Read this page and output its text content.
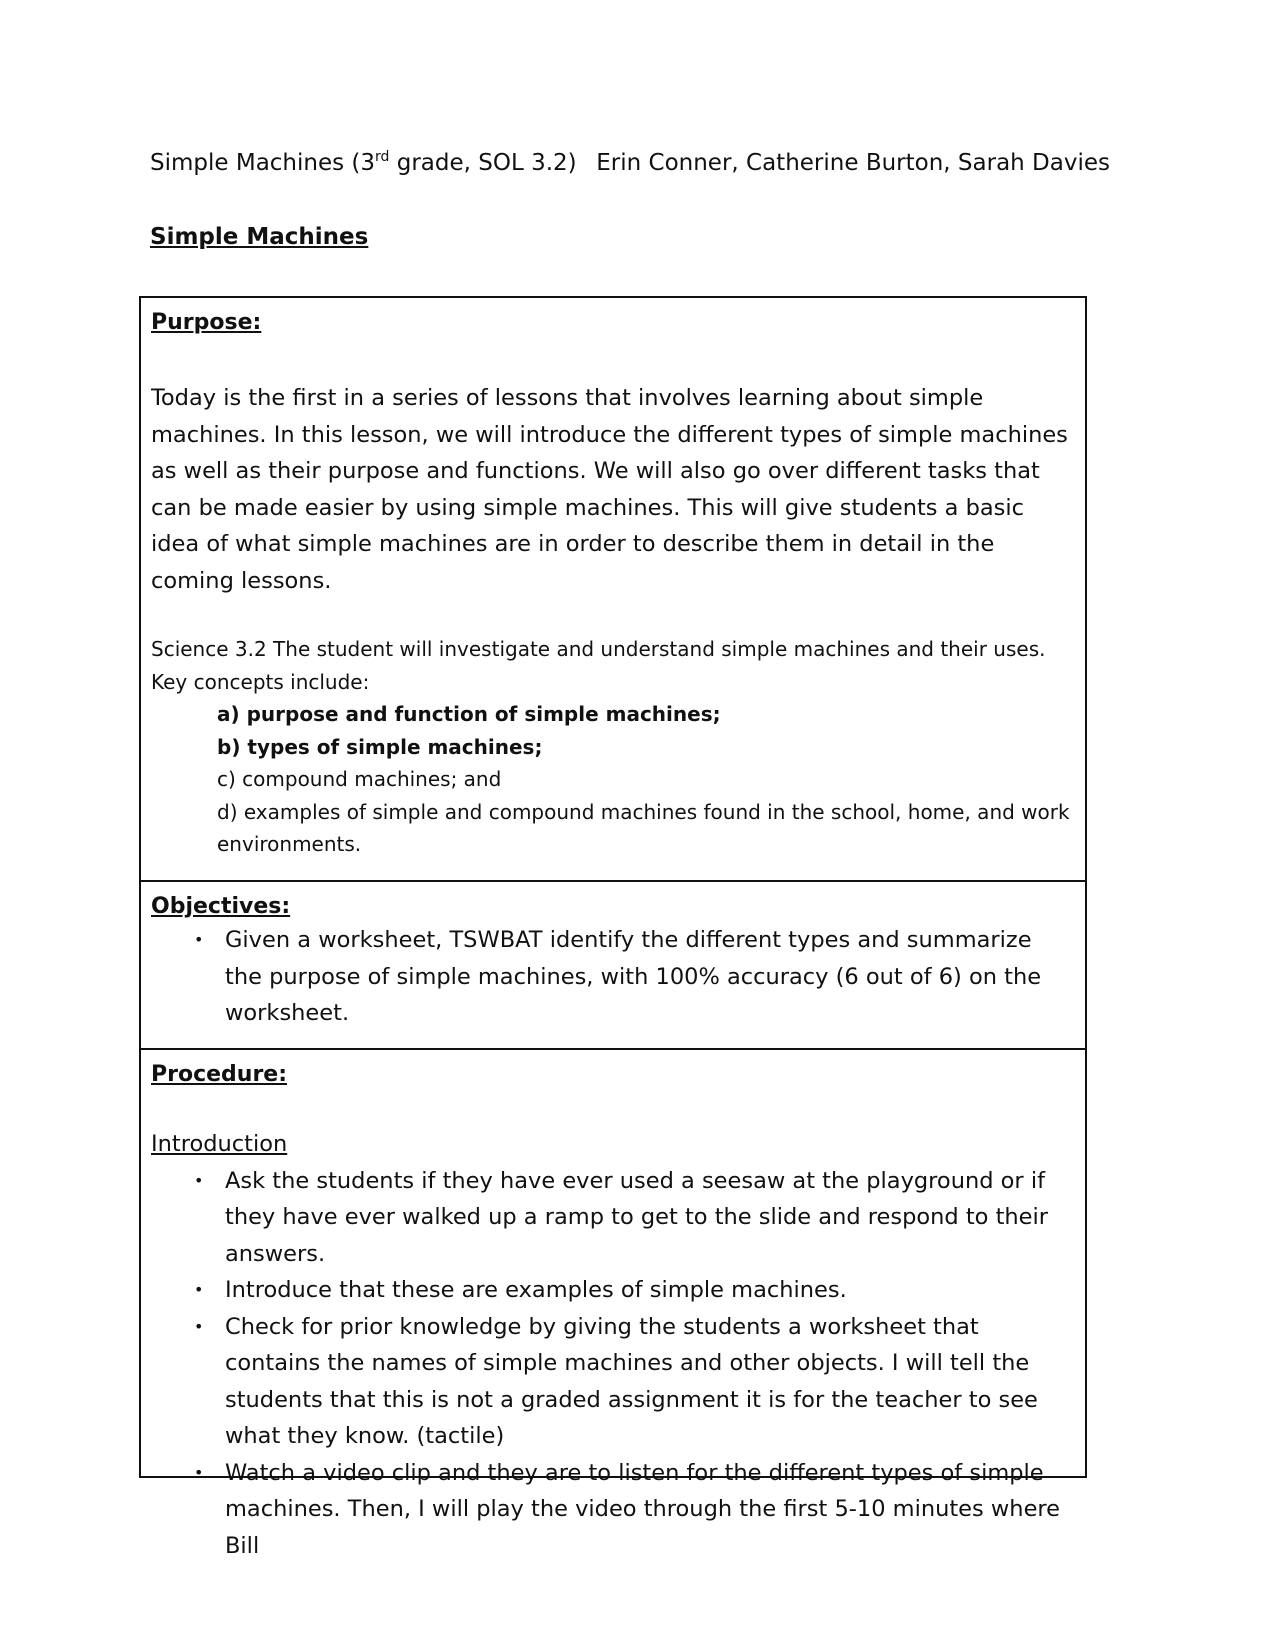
Simple Machines (3rd grade, SOL 3.2) Erin Conner, Catherine Burton, Sarah Davies
Simple Machines

Purpose:

Today is the first in a series of lessons that involves learning about simple machines. In this lesson, we will introduce the different types of simple machines as well as their purpose and functions. We will also go over different tasks that can be made easier by using simple machines. This will give students a basic idea of what simple machines are in order to describe them in detail in the coming lessons.

Science 3.2 The student will investigate and understand simple machines and their uses. Key concepts include:

a) purpose and function of simple machines;
b) types of simple machines;
c) compound machines; and
d) examples of simple and compound machines found in the school, home, and work environments.

Objectives:

• Given a worksheet, TSWBAT identify the different types and summarize the purpose of simple machines, with 100% accuracy (6 out of 6) on the worksheet.

Procedure:

Introduction

• Ask the students if they have ever used a seesaw at the playground or if they have ever walked up a ramp to get to the slide and respond to their answers.
• Introduce that these are examples of simple machines.
• Check for prior knowledge by giving the students a worksheet that contains the names of simple machines and other objects. I will tell the students that this is not a graded assignment it is for the teacher to see what they know. (tactile)
• Watch a video clip and they are to listen for the different types of simple machines. Then, I will play the video through the first 5-10 minutes where Bill
